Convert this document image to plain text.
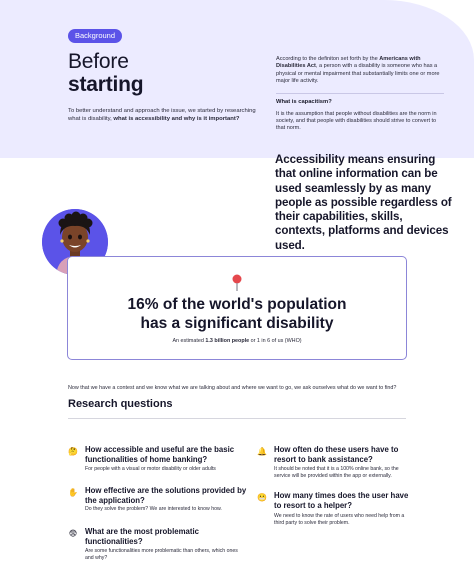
Background
Before
starting
To better understand and approach the issue, we started by researching what is disability, what is accessibility and why is it important?
According to the definiton set forth by the Americans with Disabilities Act, a person with a disability is someone who has a physical or mental impairment that substantially limits one or more major life activity.
What is capacitism?
It is the assumption that people without disabilities are the norm in society, and that people with disabilities should strive to convert to that norm.
Accessibility means ensuring that online information can be used seamlessly by as many people as possible regardless of their capabilities, skills, contexts, platforms and devices used.
16% of the world's population
has a significant disability
An estimated 1.3 billion people or 1 in 6 of us (WHO)
Now that we have a contest and we know what we are talking about and where we want to go, we ask ourselves what do we want to find?
Research questions
🤔 How accessible and useful are the basic functionalities of home banking?
For people with a visual or motor disability or older adults
✋ How effective are the solutions provided by the application?
Do they solve the problem? We are interested to know how.
😨 What are the most problematic functionalities?
Are some functionalities more problematic than others, which ones and why?
🔔 How often do these users have to resort to bank assistance?
It should be noted that it is a 100% online bank, so the service will be provided within the app or externally.
😬 How many times does the user have to resort to a helper?
We need to know the rate of users who need help from a third party to solve their problem.
